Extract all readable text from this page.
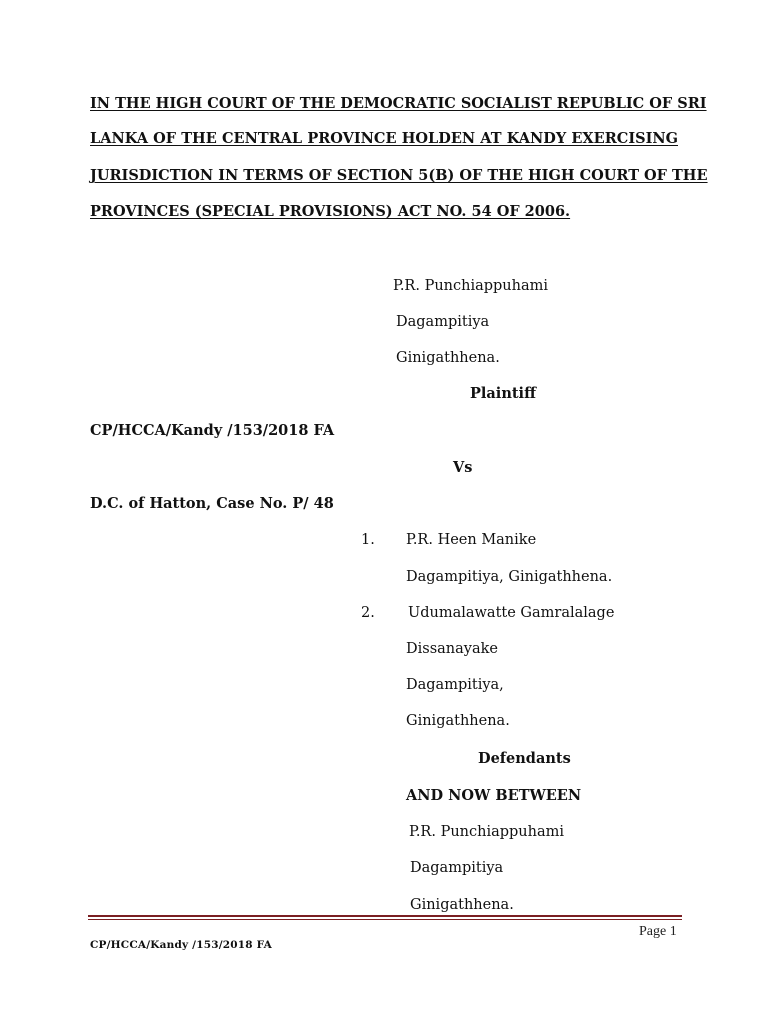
IN THE HIGH COURT OF THE DEMOCRATIC SOCIALIST REPUBLIC OF SRI
LANKA OF THE CENTRAL PROVINCE HOLDEN AT KANDY EXERCISING
JURISDICTION IN TERMS OF SECTION 5(B) OF THE HIGH COURT OF THE
PROVINCES (SPECIAL PROVISIONS) ACT NO. 54 OF 2006.
P.R. Punchiappuhami
Dagampitiya
Ginigathhena.
Plaintiff
CP/HCCA/Kandy /153/2018 FA
Vs
D.C. of Hatton, Case No. P/ 48
1. P.R. Heen Manike
Dagampitiya, Ginigathhena.
2. Udumalawatte Gamralalage
Dissanayake
Dagampitiya,
Ginigathhena.
Defendants
AND NOW BETWEEN
P.R. Punchiappuhami
Dagampitiya
Ginigathhena.
Page 1
CP/HCCA/Kandy /153/2018 FA
